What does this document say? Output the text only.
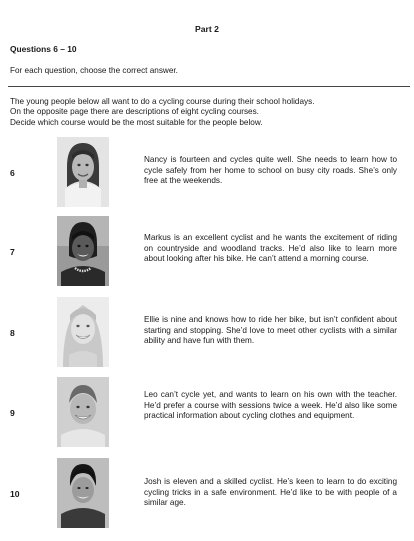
Part 2
Questions 6 – 10
For each question, choose the correct answer.
The young people below all want to do a cycling course during their school holidays.
On the opposite page there are descriptions of eight cycling courses.
Decide which course would be the most suitable for the people below.
6
Nancy is fourteen and cycles quite well. She needs to learn how to cycle safely from her home to school on busy city roads. She’s only free at the weekends.
7
Markus is an excellent cyclist and he wants the excitement of riding on countryside and woodland tracks. He’d also like to learn more about looking after his bike. He can’t attend a morning course.
8
Ellie is nine and knows how to ride her bike, but isn’t confident about starting and stopping. She’d love to meet other cyclists with a similar ability and have fun with them.
9
Leo can’t cycle yet, and wants to learn on his own with the teacher. He’d prefer a course with sessions twice a week. He’d also like some practical information about cycling clothes and equipment.
10
Josh is eleven and a skilled cyclist. He’s keen to learn to do exciting cycling tricks in a safe environment. He’d like to be with people of a similar age.
